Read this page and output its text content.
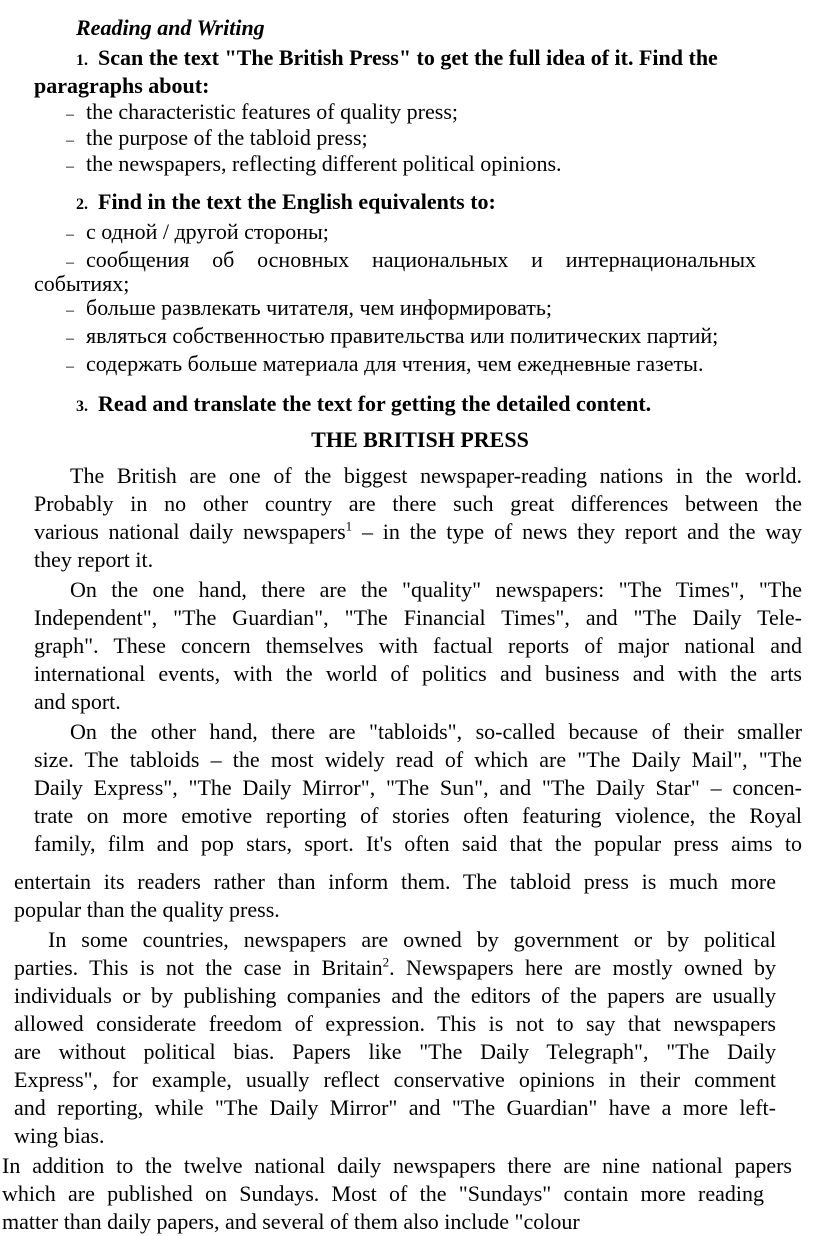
Reading and Writing
1. Scan the text "The British Press" to get the full idea of it. Find the
paragraphs about:
– the characteristic features of quality press;
– the purpose of the tabloid press;
– the newspapers, reflecting different political opinions.
2. Find in the text the English equivalents to:
– с одной / другой стороны;
– сообщения об основных национальных и интернациональных
событиях;
– больше развлекать читателя, чем информировать;
– являться собственностью правительства или политических партий;
– содержать больше материала для чтения, чем ежедневные газеты.
3. Read and translate the text for getting the detailed content.
THE BRITISH PRESS
The British are one of the biggest newspaper-reading nations in the world.
Probably in no other country are there such great differences between the
various national daily newspapers$^1$ – in the type of news they report and the way
they report it.
On the one hand, there are the "quality" newspapers: "The Times", "The
Independent", "The Guardian", "The Financial Times", and "The Daily Tele-
graph". These concern themselves with factual reports of major national and
international events, with the world of politics and business and with the arts
and sport.
On the other hand, there are "tabloids", so-called because of their smaller
size. The tabloids – the most widely read of which are "The Daily Mail", "The
Daily Express", "The Daily Mirror", "The Sun", and "The Daily Star" – concen-
trate on more emotive reporting of stories often featuring violence, the Royal
family, film and pop stars, sport. It's often said that the popular press aims to
entertain its readers rather than inform them. The tabloid press is much more
popular than the quality press.
In some countries, newspapers are owned by government or by political
parties. This is not the case in Britain$^2$. Newspapers here are mostly owned by
individuals or by publishing companies and the editors of the papers are usually
allowed considerate freedom of expression. This is not to say that newspapers
are without political bias. Papers like "The Daily Telegraph", "The Daily
Express", for example, usually reflect conservative opinions in their comment
and reporting, while "The Daily Mirror" and "The Guardian" have a more left-
wing bias.
In addition to the twelve national daily newspapers there are nine national papers
which are published on Sundays. Most of the "Sundays" contain more reading
matter than daily papers, and several of them also include "colour
